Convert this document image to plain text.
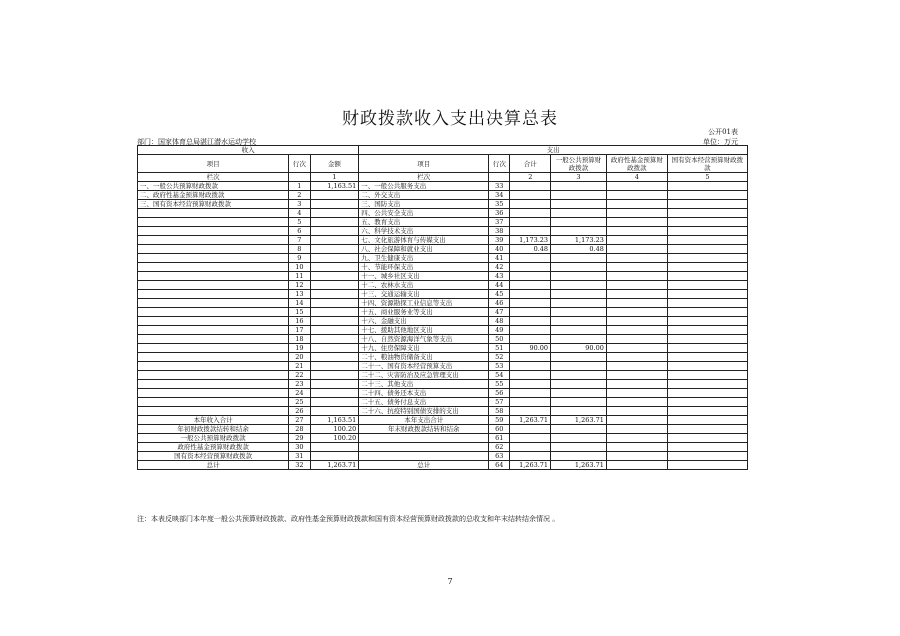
财政拨款收入支出决算总表
公开01表
部门：国家体育总局湛江潜水运动学校	单位：万元
收入			支出					
项目	行次	金额	项目	行次	合计	一般公共预算财政拨款	政府性基金预算财政拨款	国有资本经营预算财政拨款
栏次		1	栏次		2	3	4	5
一、一般公共预算财政拨款	1	1,163.51	一、一般公共服务支出	33				
二、政府性基金预算财政拨款	2		二、外交支出	34				
三、国有资本经营预算财政拨款	3		三、国防支出	35				
	4		四、公共安全支出	36				
	5		五、教育支出	37				
	6		六、科学技术支出	38				
	7		七、文化旅游体育与传媒支出	39	1,173.23	1,173.23		
	8		八、社会保障和就业支出	40	0.48	0.48		
	9		九、卫生健康支出	41				
	10		十、节能环保支出	42				
	11		十一、城乡社区支出	43				
	12		十二、农林水支出	44				
	13		十三、交通运输支出	45				
	14		十四、资源勘探工业信息等支出	46				
	15		十五、商业服务业等支出	47				
	16		十六、金融支出	48				
	17		十七、援助其他地区支出	49				
	18		十八、自然资源海洋气象等支出	50				
	19		十九、住房保障支出	51	90.00	90.00		
	20		二十、粮油物资储备支出	52				
	21		二十一、国有资本经营预算支出	53				
	22		二十二、灾害防治及应急管理支出	54				
	23		二十三、其他支出	55				
	24		二十四、债务还本支出	56				
	25		二十五、债务付息支出	57				
	26		二十六、抗疫特别国债安排的支出	58				
本年收入合计	27	1,163.51	本年支出合计	59	1,263.71	1,263.71		
年初财政拨款结转和结余	28	100.20	年末财政拨款结转和结余	60				
一般公共预算财政拨款	29	100.20		61				
政府性基金预算财政拨款	30			62				
国有资本经营预算财政拨款	31			63				
总计	32	1,263.71	总计	64	1,263.71	1,263.71		
注：本表反映部门本年度一般公共预算财政拨款、政府性基金预算财政拨款和国有资本经营预算财政拨款的总收支和年末结转结余情况 。
7
